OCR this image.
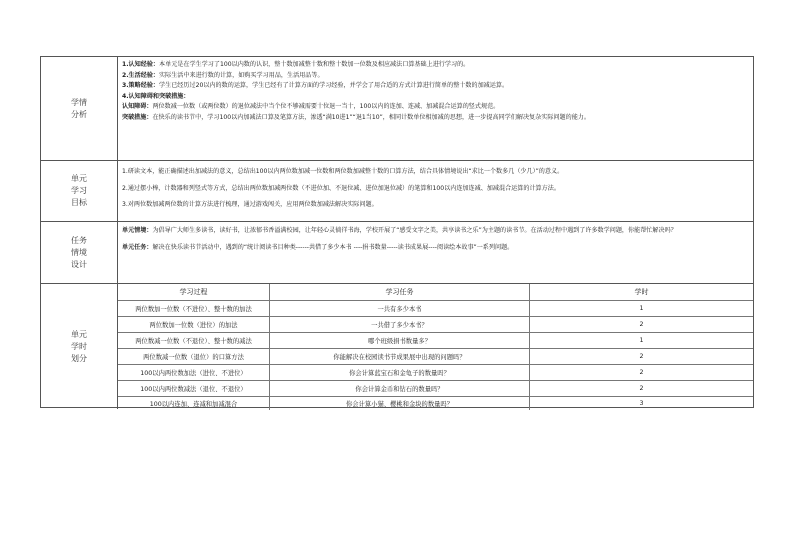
学情
分析

1.认知经验：本单元是在学生学习了100以内数的认识，整十数加减整十数和整十数加一位数及相应减法口算基础上进行学习的。

2.生活经验：实际生活中来进行数的计算，如购买学习用品，生活用品等。

3.策略经验：学生已经历过20以内的数的运算，学生已经有了计算方面的学习经验，并学会了用合适的方式计算进行简单的整十数的加减运算。

4.认知障碍和突破措施：

认知障碍：两位数减一位数（或两位数）的退位减法中当个位不够减需要十位退一当十，100以内的连加、连减、加减混合运算的竖式规范。

突破措施：在快乐的读书节中，学习100以内加减法口算及笔算方法，渗透“满10进1”“退1当10”，相同计数单位相加减的思想，进一步提高同学们解决复杂实际问题的能力。

单元
学习
目标

1.研读文本，能正确描述出加减法的意义，总结出100以内两位数加减一位数和两位数加减整十数的口算方法，结合具体情境说出“求比一个数多几（少几）”的意义。

2.通过摆小棒，计数器和列竖式等方式，总结出两位数加减两位数（不进位加、不退位减、进位加退位减）的笔算和100以内连加连减、加减混合运算的计算方法。

3.对两位数加减两位数的计算方法进行梳理，通过游戏闯关，应用两位数加减法解决实际问题。

任务
情境
设计

单元情境：为倡导广大师生多读书，读好书，让浓郁书香溢满校园，让年轻心灵徜徉书海，学校开展了“感受文字之美，共享读书之乐”为主题的读书节。在活动过程中遇到了许多数学问题，你能帮忙解决吗？

单元任务：解决在快乐读书节活动中，遇到的“统计阅读书目种类------共借了多少本书 ----捐书数量-----读书成果展----阅读绘本故事”一系列问题。

单元
学时
划分
学习过程	学习任务	学时
两位数加一位数（不进位）、整十数的加法	一共有多少本书	1
两位数加一位数（进位）的加法	一共借了多少本书？	2
两位数减一位数（不退位）、整十数的减法	哪个班级捐书数量多？	1
两位数减一位数（退位）的口算方法	你能解决在校园读书节成果展中出现的问题吗？	2
100以内两位数加法（进位、不进位）	你会计算蓝宝石和金龟子的数量吗？	2
100以内两位数减法（退位、不退位）	你会计算金币和钻石的数量吗？	2
100以内连加、连减和加减混合	你会计算小猫、樱桃和金块的数量吗？	3
